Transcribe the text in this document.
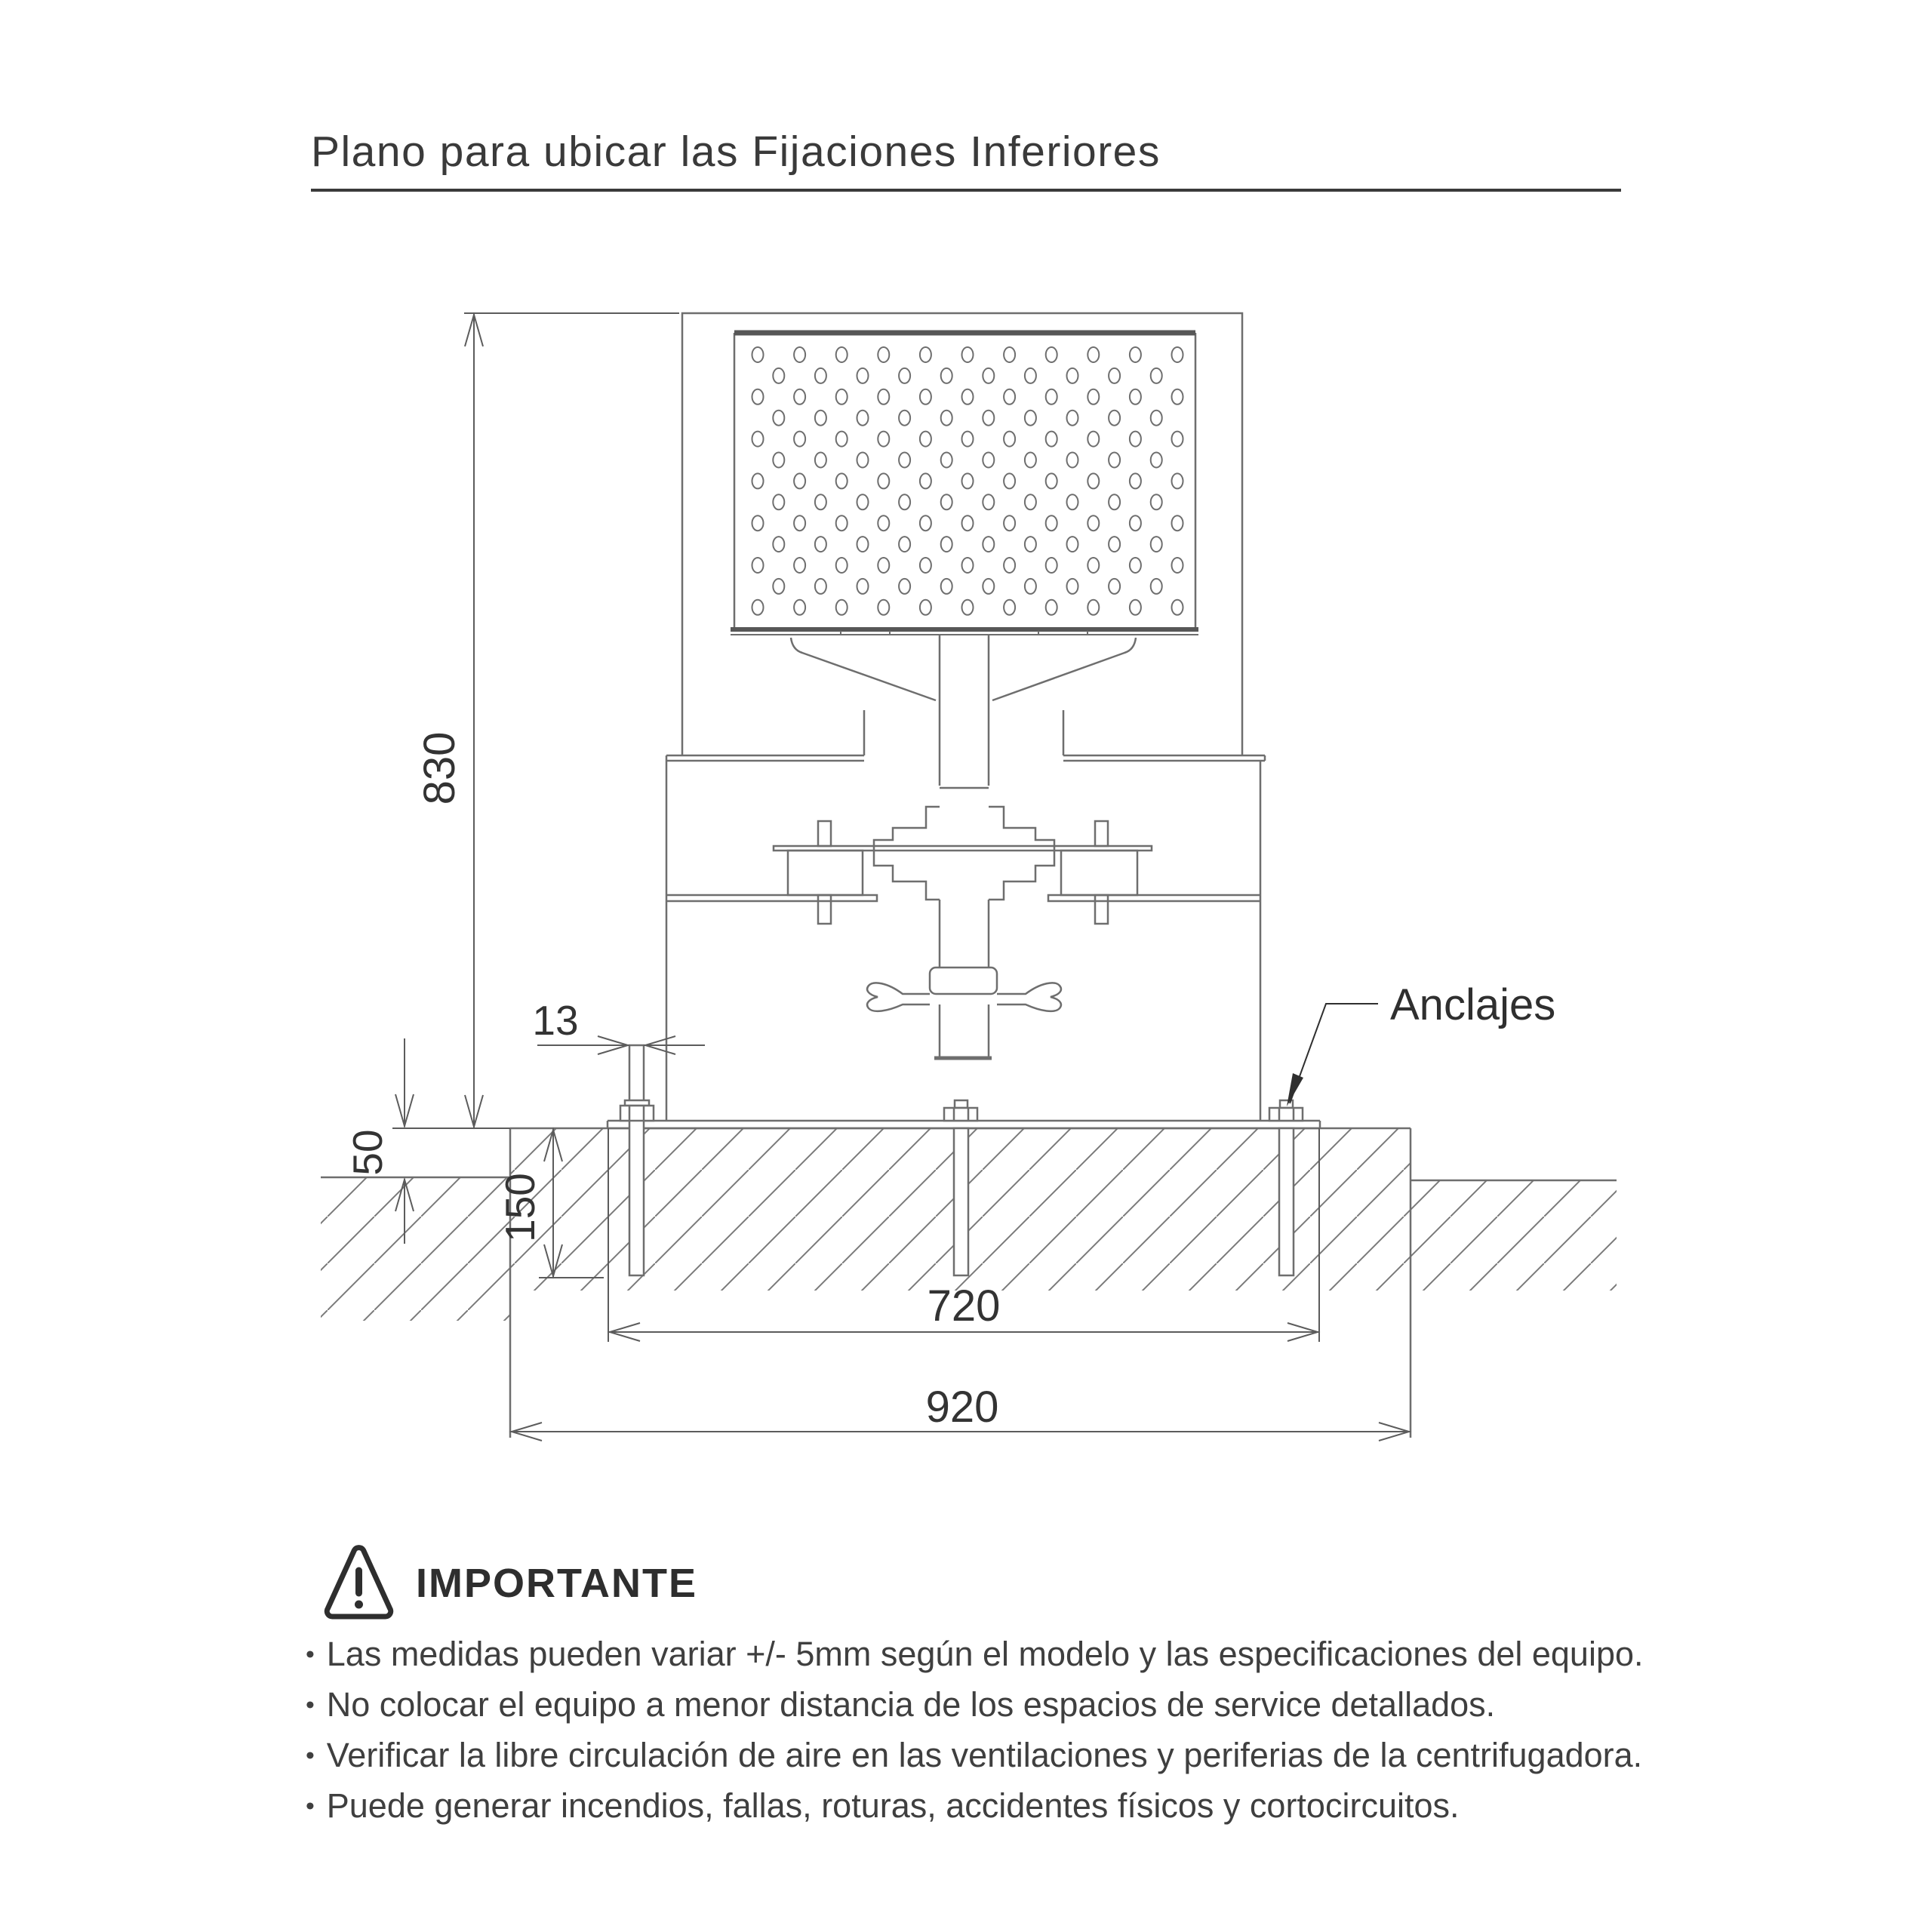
Plano para ubicar las Fijaciones Inferiores
830
50
150
13
720
920
Anclajes
IMPORTANTE
• Las medidas pueden variar +/- 5mm según el modelo y las especificaciones del equipo.
• No colocar el equipo a menor distancia de los espacios de service detallados.
• Verificar la libre circulación de aire en las ventilaciones y periferias de la centrifugadora.
• Puede generar incendios, fallas, roturas, accidentes físicos y cortocircuitos.
